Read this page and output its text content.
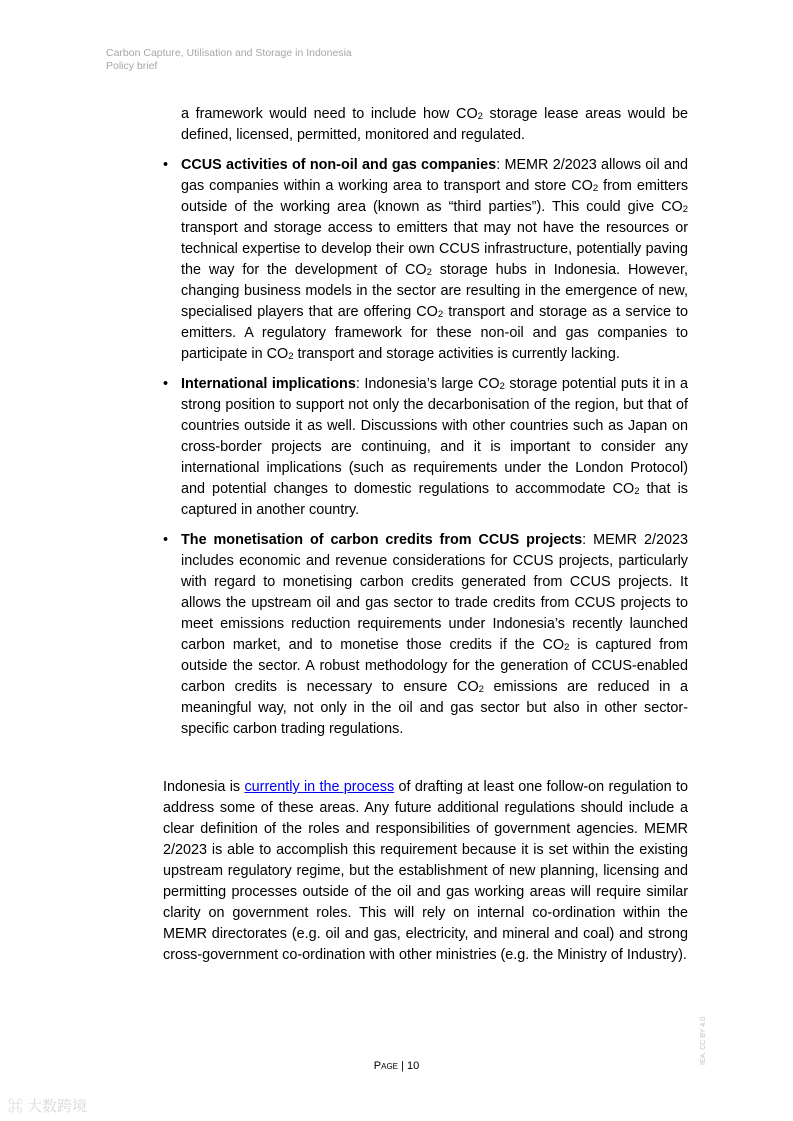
Carbon Capture, Utilisation and Storage in Indonesia
Policy brief

a framework would need to include how $CO_2$ storage lease areas would be defined, licensed, permitted, monitored and regulated.

• CCUS activities of non-oil and gas companies: MEMR 2/2023 allows oil and gas companies within a working area to transport and store $CO_2$ from emitters outside of the working area (known as “third parties”). This could give $CO_2$ transport and storage access to emitters that may not have the resources or technical expertise to develop their own CCUS infrastructure, potentially paving the way for the development of $CO_2$ storage hubs in Indonesia. However, changing business models in the sector are resulting in the emergence of new, specialised players that are offering $CO_2$ transport and storage as a service to emitters. A regulatory framework for these non-oil and gas companies to participate in $CO_2$ transport and storage activities is currently lacking.
• International implications: Indonesia’s large $CO_2$ storage potential puts it in a strong position to support not only the decarbonisation of the region, but that of countries outside it as well. Discussions with other countries such as Japan on cross-border projects are continuing, and it is important to consider any international implications (such as requirements under the London Protocol) and potential changes to domestic regulations to accommodate $CO_2$ that is captured in another country.
• The monetisation of carbon credits from CCUS projects: MEMR 2/2023 includes economic and revenue considerations for CCUS projects, particularly with regard to monetising carbon credits generated from CCUS projects. It allows the upstream oil and gas sector to trade credits from CCUS projects to meet emissions reduction requirements under Indonesia’s recently launched carbon market, and to monetise those credits if the $CO_2$ is captured from outside the sector. A robust methodology for the generation of CCUS-enabled carbon credits is necessary to ensure $CO_2$ emissions are reduced in a meaningful way, not only in the oil and gas sector but also in other sector-specific carbon trading regulations.

Indonesia is currently in the process of drafting at least one follow-on regulation to address some of these areas. Any future additional regulations should include a clear definition of the roles and responsibilities of government agencies. MEMR 2/2023 is able to accomplish this requirement because it is set within the existing upstream regulatory regime, but the establishment of new planning, licensing and permitting processes outside of the oil and gas working areas will require similar clarity on government roles. This will rely on internal co-ordination within the MEMR directorates (e.g. oil and gas, electricity, and mineral and coal) and strong cross-government co-ordination with other ministries (e.g. the Ministry of Industry).

Page | 10
IEA. CC BY 4.0.
⌘ 大数跨境
